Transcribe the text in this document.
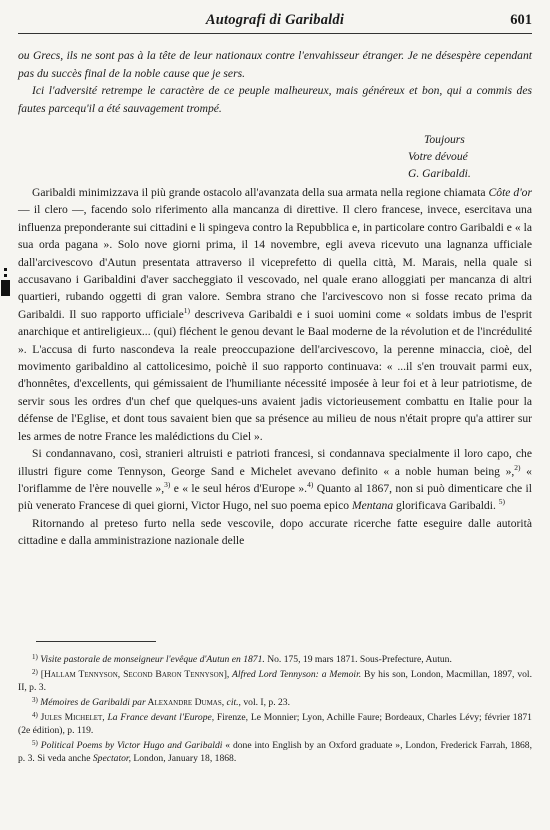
Autografi di Garibaldi	601

ou Grecs, ils ne sont pas à la tête de leur nationaux contre l'envahisseur étranger. Je ne désespère cependant pas du succès final de la noble cause que je sers.

Ici l'adversité retrempe le caractère de ce peuple malheureux, mais généreux et bon, qui a commis des fautes parcequ'il a été sauvagement trompé.

Toujours
Votre dévoué
G. Garibaldi.

Garibaldi minimizzava il più grande ostacolo all'avanzata della sua armata nella regione chiamata Côte d'or — il clero —, facendo solo riferimento alla mancanza di direttive. Il clero francese, invece, esercitava una influenza preponderante sui cittadini e li spingeva contro la Repubblica e, in particolare contro Garibaldi e « la sua orda pagana ». Solo nove giorni prima, il 14 novembre, egli aveva ricevuto una lagnanza ufficiale dall'arcivescovo d'Autun presentata attraverso il viceprefetto di quella città, M. Marais, nella quale si accusavano i Garibaldini d'aver saccheggiato il vescovado, nel quale erano alloggiati per mancanza di altri quartieri, rubando oggetti di gran valore. Sembra strano che l'arcivescovo non si fosse recato prima da Garibaldi. Il suo rapporto ufficiale$^{1)}$ descriveva Garibaldi e i suoi uomini come « soldats imbus de l'esprit anarchique et antireligieux... (qui) fléchent le genou devant le Baal moderne de la révolution et de l'incrédulité ». L'accusa di furto nascondeva la reale preoccupazione dell'arcivescovo, la perenne minaccia, cioè, del movimento garibaldino al cattolicesimo, poichè il suo rapporto continuava: « ...il s'en trouvait parmi eux, d'honnêtes, d'excellents, qui gémissaient de l'humiliante nécessité imposée à leur foi et à leur patriotisme, de servir sous les ordres d'un chef que quelques-uns avaient jadis victorieusement combattu en Italie pour la défense de l'Eglise, et dont tous savaient bien que sa présence au milieu de nous n'était propre qu'a attirer sur les armes de notre France les malédictions du Ciel ».

Si condannavano, così, stranieri altruisti e patrioti francesi, si condannava specialmente il loro capo, che illustri figure come Tennyson, George Sand e Michelet avevano definito « a noble human being »,$^{2)}$ « l'oriflamme de l'ère nouvelle »,$^{3)}$ e « le seul héros d'Europe ».$^{4)}$ Quanto al 1867, non si può dimenticare che il più venerato Francese di quei giorni, Victor Hugo, nel suo poema epico Mentana glorificava Garibaldi. $^{5)}$

Ritornando al preteso furto nella sede vescovile, dopo accurate ricerche fatte eseguire dalle autorità cittadine e dalla amministrazione nazionale delle

$^{1)}$ Visite pastorale de monseigneur l'evêque d'Autun en 1871. No. 175, 19 mars 1871. Sous-Prefecture, Autun.

$^{2)}$ [Hallam Tennyson, Second Baron Tennyson], Alfred Lord Tennyson: a Memoir. By his son, London, Macmillan, 1897, vol. II, p. 3.

$^{3)}$ Mémoires de Garibaldi par Alexandre Dumas, cit., vol. I, p. 23.

$^{4)}$ Jules Michelet, La France devant l'Europe, Firenze, Le Monnier; Lyon, Achille Faure; Bordeaux, Charles Lévy; février 1871 (2e édition), p. 119.

$^{5)}$ Political Poems by Victor Hugo and Garibaldi « done into English by an Oxford graduate », London, Frederick Farrah, 1868, p. 3. Si veda anche Spectator, London, January 18, 1868.
